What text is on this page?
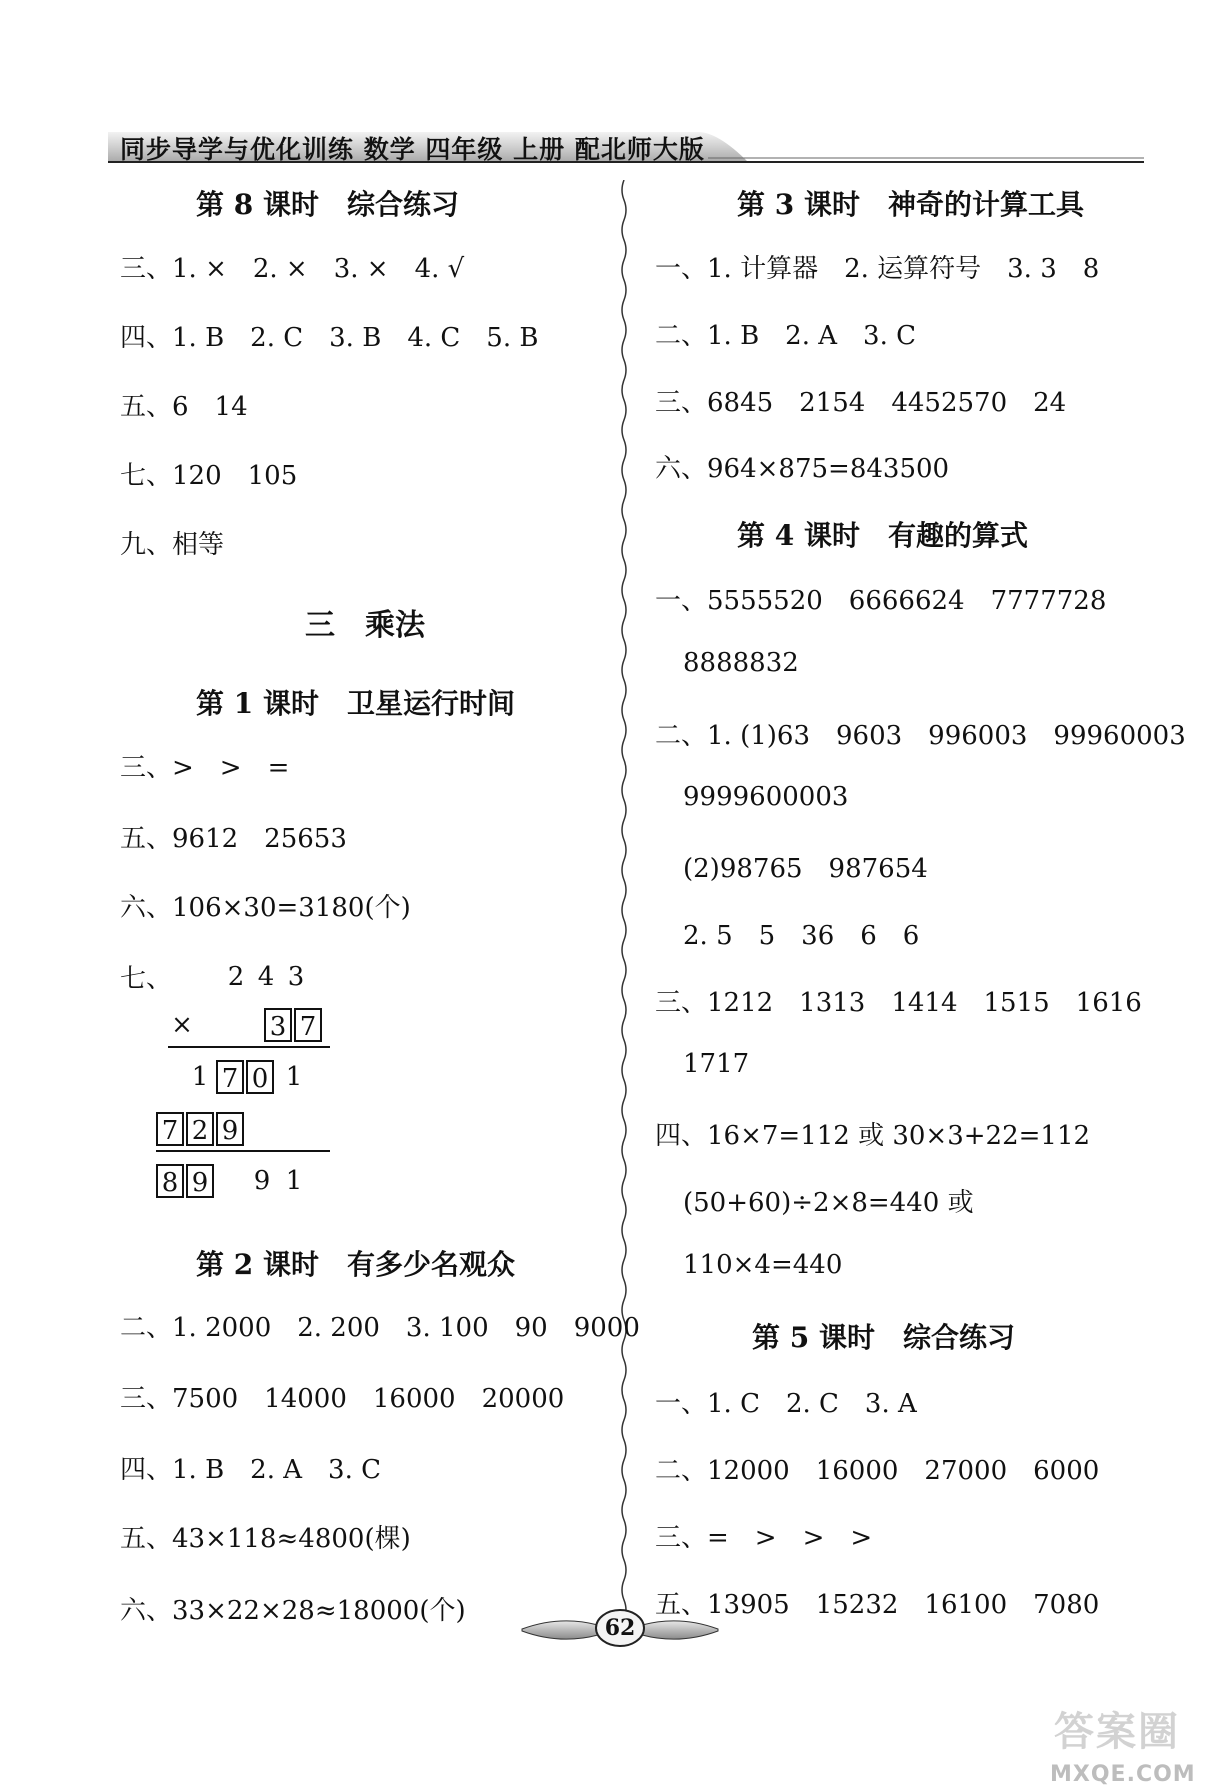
同步导学与优化训练 数学 四年级 上册 配北师大版
第 8 课时　综合练习
三、1. ×　2. ×　3. ×　4. √
四、1. B　2. C　3. B　4. C　5. B
五、6　14
七、120　105
九、相等
三　乘法
第 1 课时　卫星运行时间
三、>　>　=
五、9612　25653
六、106×30=3180(个)
七、 2 4 3
×	3 7
1 7 0 1
7 2 9
8 9 9 1
第 2 课时　有多少名观众
二、1. 2000　2. 200　3. 100　90　9000
三、7500　14000　16000　20000
四、1. B　2. A　3. C
五、43×118≈4800(棵)
六、33×22×28≈18000(个)
第 3 课时　神奇的计算工具
一、1. 计算器　2. 运算符号　3. 3　8
二、1. B　2. A　3. C
三、6845　2154　4452570　24
六、964×875=843500
第 4 课时　有趣的算式
一、5555520　6666624　7777728
8888832
二、1. (1)63　9603　996003　99960003
9999600003
(2)98765　987654
2. 5　5　36　6　6
三、1212　1313　1414　1515　1616
1717
四、16×7=112 或 30×3+22=112
(50+60)÷2×8=440 或
110×4=440
第 5 课时　综合练习
一、1. C　2. C　3. A
二、12000　16000　27000　6000
三、=　>　>　>
五、13905　15232　16100　7080
62
答案圈
MXQE.COM
